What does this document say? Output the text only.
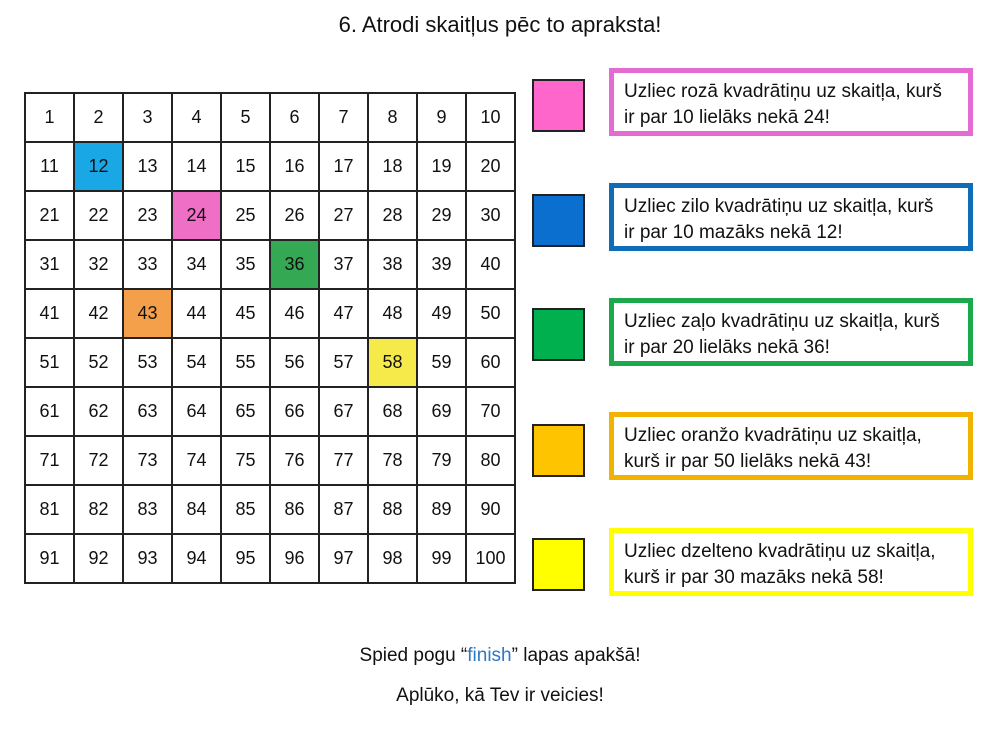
6. Atrodi skaitļus pēc to apraksta!
1	2	3	4	5	6	7	8	9	10
11	12	13	14	15	16	17	18	19	20
21	22	23	24	25	26	27	28	29	30
31	32	33	34	35	36	37	38	39	40
41	42	43	44	45	46	47	48	49	50
51	52	53	54	55	56	57	58	59	60
61	62	63	64	65	66	67	68	69	70
71	72	73	74	75	76	77	78	79	80
81	82	83	84	85	86	87	88	89	90
91	92	93	94	95	96	97	98	99	100
Uzliec rozā kvadrātiņu uz skaitļa, kurš
ir par 10 lielāks nekā 24!
Uzliec zilo kvadrātiņu uz skaitļa, kurš
ir par 10 mazāks nekā 12!
Uzliec zaļo kvadrātiņu uz skaitļa, kurš
ir par 20 lielāks nekā 36!
Uzliec oranžo kvadrātiņu uz skaitļa,
kurš ir par 50 lielāks nekā 43!
Uzliec dzelteno kvadrātiņu uz skaitļa,
kurš ir par 30 mazāks nekā 58!
Spied pogu “finish” lapas apakšā!
Aplūko, kā Tev ir veicies!
